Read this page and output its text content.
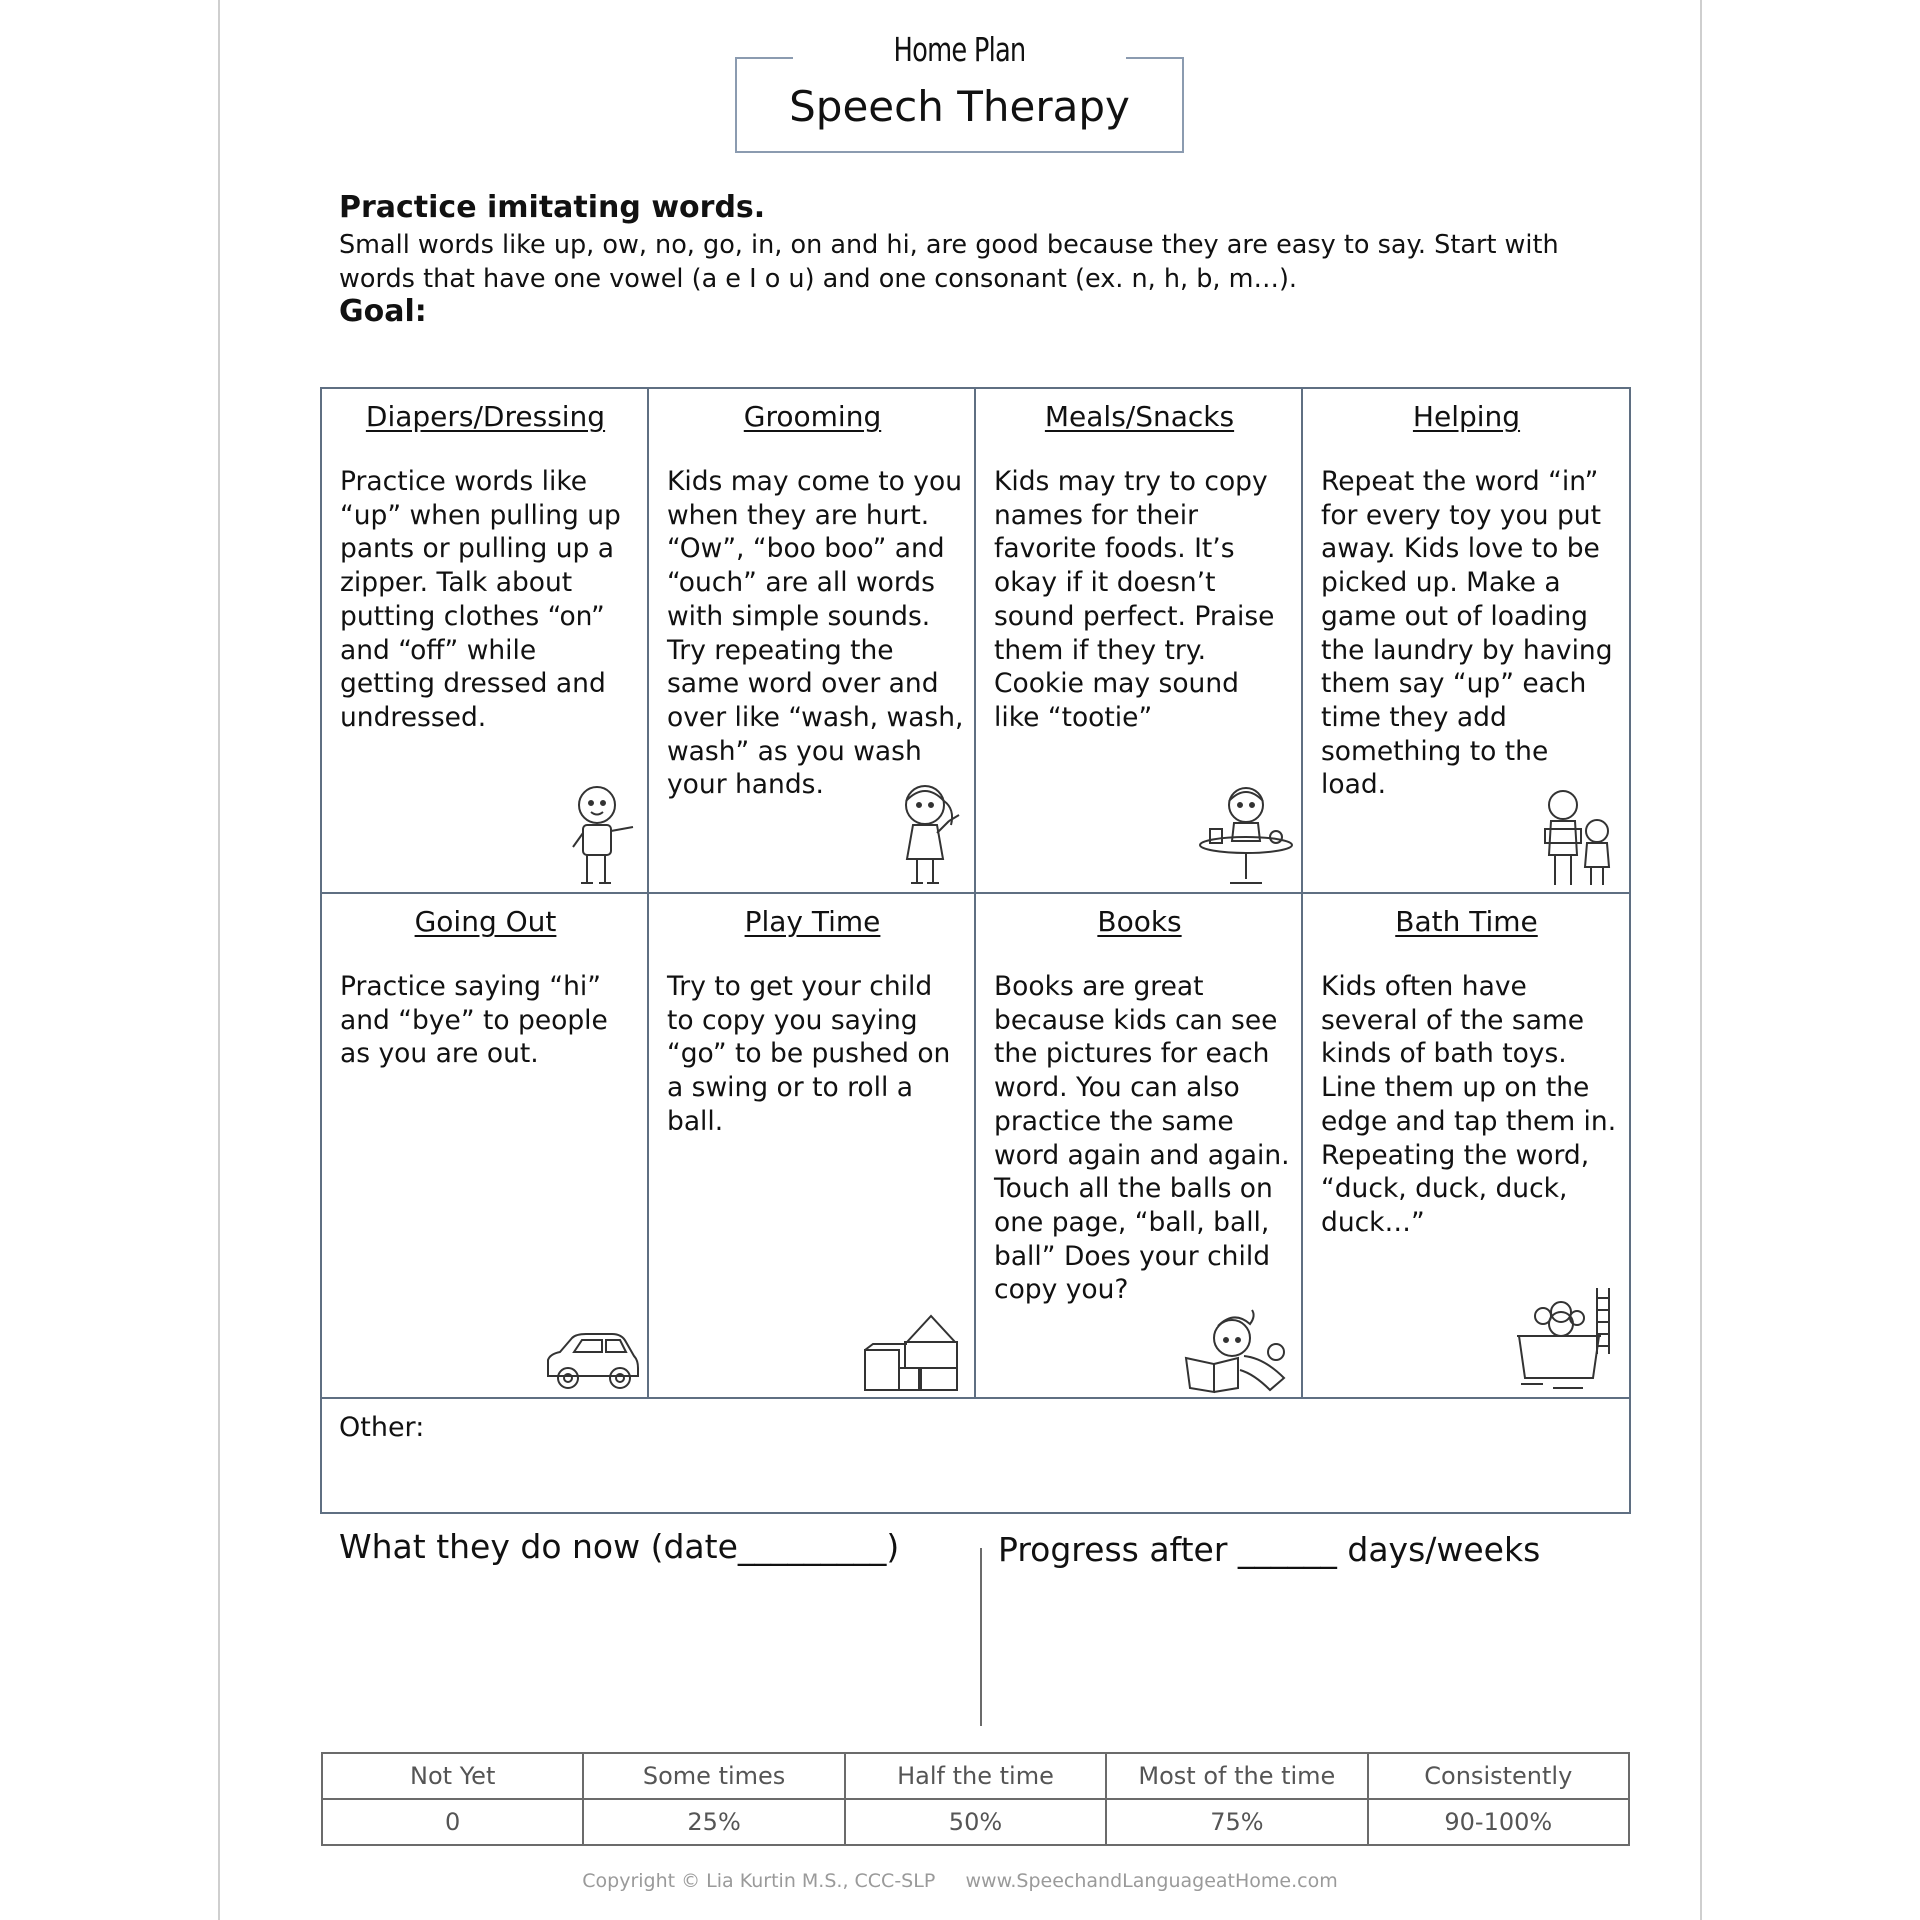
Home Plan
Speech Therapy
Practice imitating words.
Small words like up, ow, no, go, in, on and hi, are good because they are easy to say. Start with words that have one vowel (a e I o u) and one consonant (ex. n, h, b, m…).
Goal:
Diapers/Dressing
Practice words like “up” when pulling up pants or pulling up a zipper. Talk about putting clothes “on” and “off” while getting dressed and undressed.
Grooming
Kids may come to you when they are hurt. “Ow”, “boo boo” and “ouch” are all words with simple sounds. Try repeating the same word over and over like “wash, wash, wash” as you wash your hands.
Meals/Snacks
Kids may try to copy names for their favorite foods. It’s okay if it doesn’t sound perfect. Praise them if they try. Cookie may sound like “tootie”
Helping
Repeat the word “in” for every toy you put away. Kids love to be picked up. Make a game out of loading the laundry by having them say “up” each time they add something to the load.
Going Out
Practice saying “hi” and “bye” to people as you are out.
Play Time
Try to get your child to copy you saying “go” to be pushed on a swing or to roll a ball.
Books
Books are great because kids can see the pictures for each word. You can also practice the same word again and again. Touch all the balls on one page, “ball, ball, ball” Does your child copy you?
Bath Time
Kids often have several of the same kinds of bath toys. Line them up on the edge and tap them in. Repeating the word, “duck, duck, duck, duck…”
Other:
What they do now (date_________)	Progress after ______ days/weeks
Not Yet	Some times	Half the time	Most of the time	Consistently
0	25%	50%	75%	90-100%
Copyright © Lia Kurtin M.S., CCC-SLP www.SpeechandLanguageatHome.com
